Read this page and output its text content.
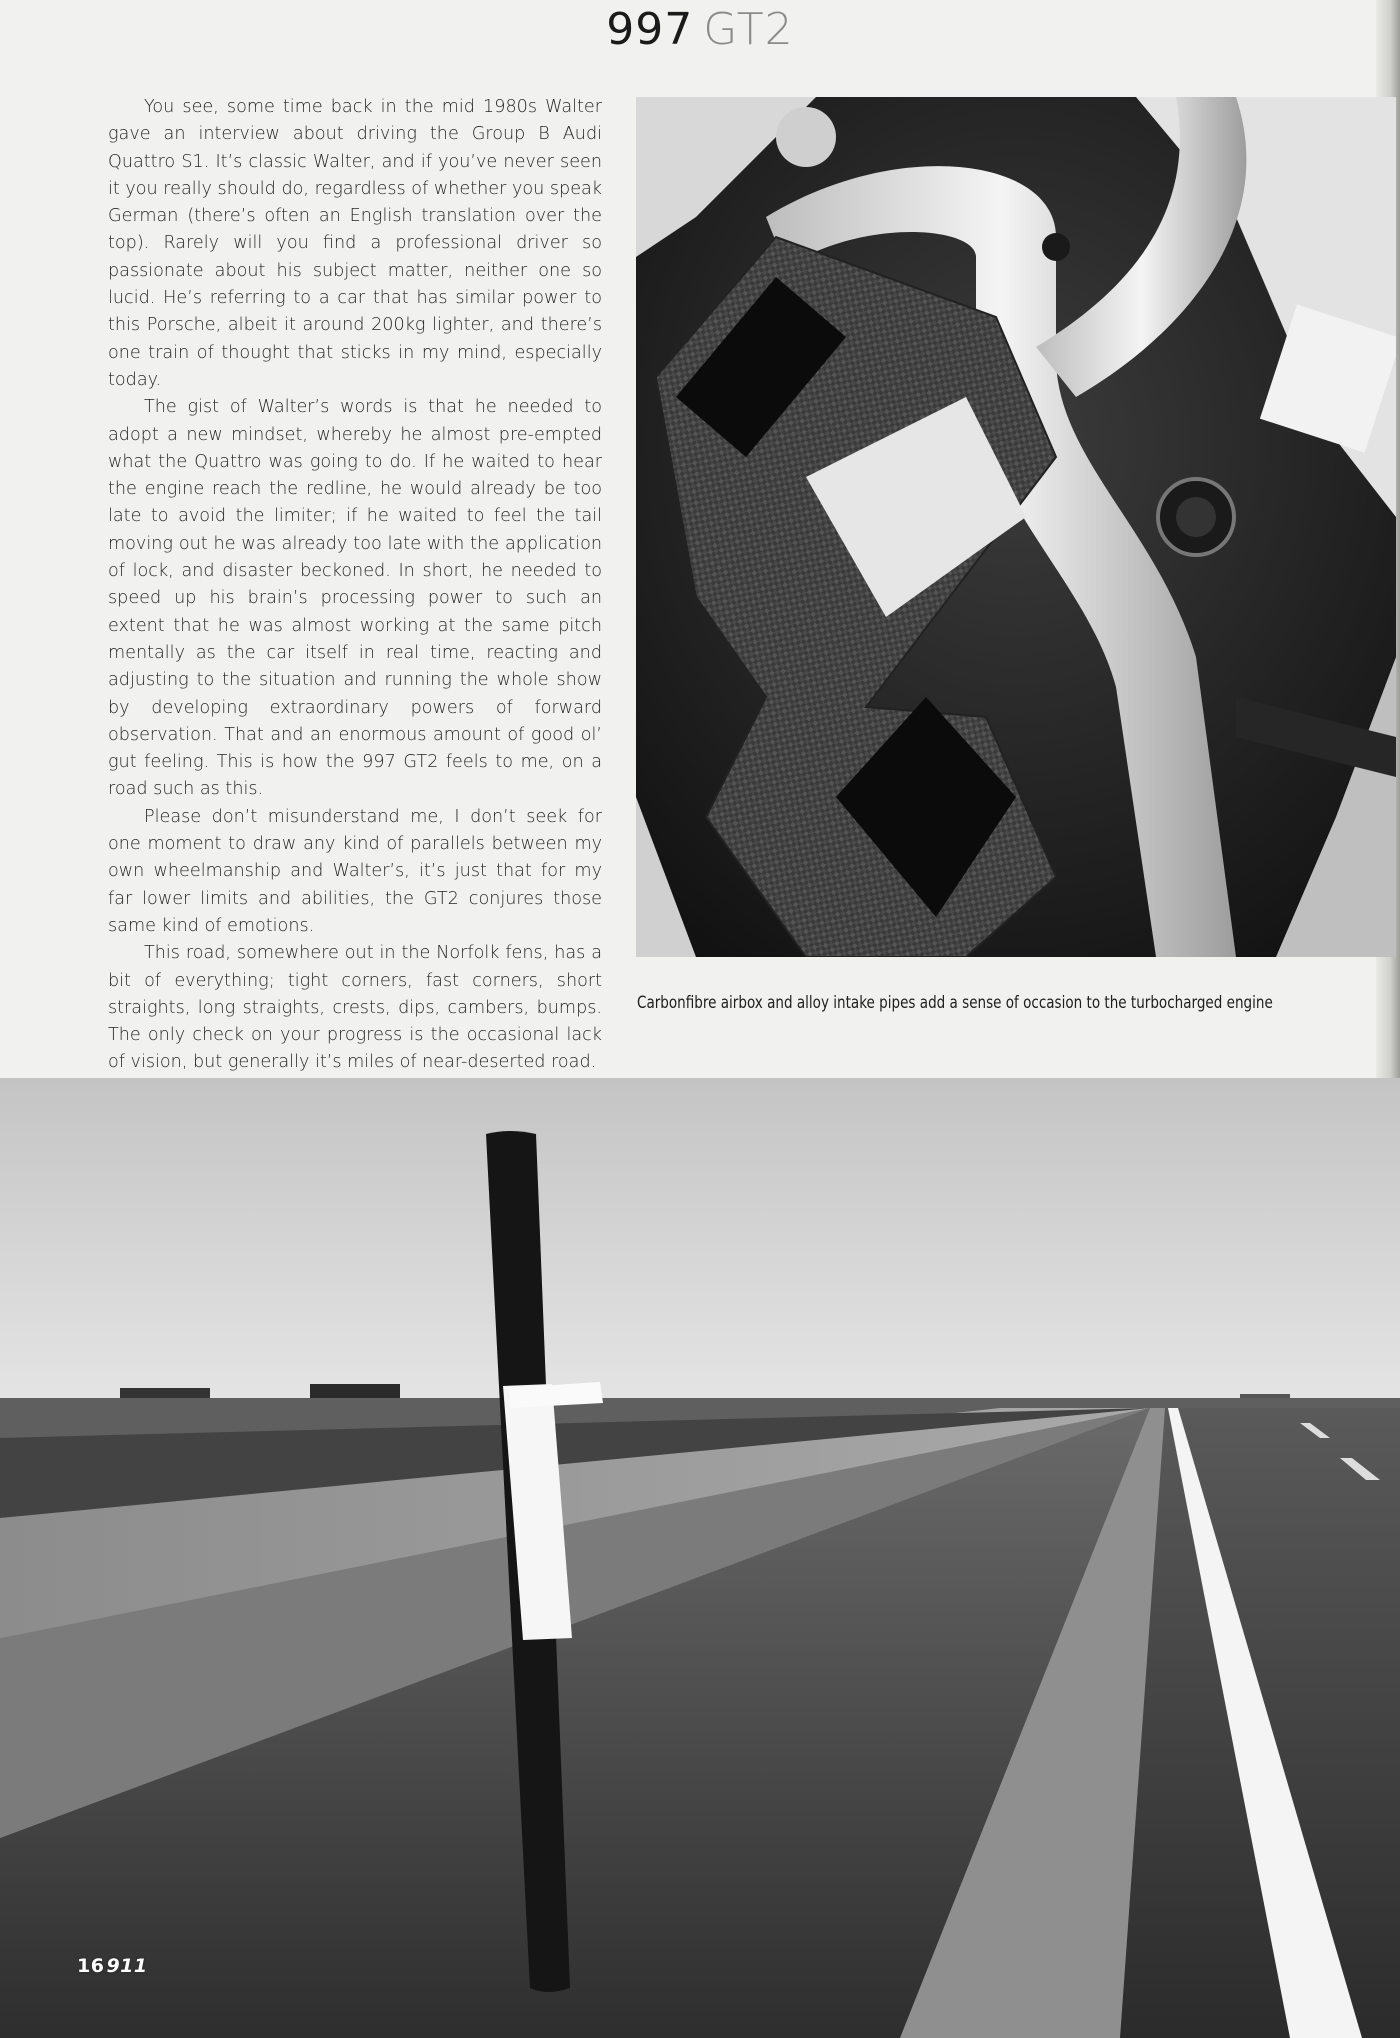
997 GT2

You see, some time back in the mid 1980s Walter gave an interview about driving the Group B Audi Quattro S1. It’s classic Walter, and if you’ve never seen it you really should do, regardless of whether you speak German (there’s often an English translation over the top). Rarely will you find a professional driver so passionate about his subject matter, neither one so lucid. He’s referring to a car that has similar power to this Porsche, albeit it around 200kg lighter, and there’s one train of thought that sticks in my mind, especially today.

The gist of Walter’s words is that he needed to adopt a new mindset, whereby he almost pre-empted what the Quattro was going to do. If he waited to hear the engine reach the redline, he would already be too late to avoid the limiter; if he waited to feel the tail moving out he was already too late with the application of lock, and disaster beckoned. In short, he needed to speed up his brain’s processing power to such an extent that he was almost working at the same pitch mentally as the car itself in real time, reacting and adjusting to the situation and running the whole show by developing extraordinary powers of forward observation. That and an enormous amount of good ol’ gut feeling. This is how the 997 GT2 feels to me, on a road such as this.

Please don’t misunderstand me, I don’t seek for one moment to draw any kind of parallels between my own wheelmanship and Walter’s, it’s just that for my far lower limits and abilities, the GT2 conjures those same kind of emotions.

This road, somewhere out in the Norfolk fens, has a bit of everything; tight corners, fast corners, short straights, long straights, crests, dips, cambers, bumps. The only check on your progress is the occasional lack of vision, but generally it’s miles of near-deserted road.

Carbonfibre airbox and alloy intake pipes add a sense of occasion to the turbocharged engine
16 911
